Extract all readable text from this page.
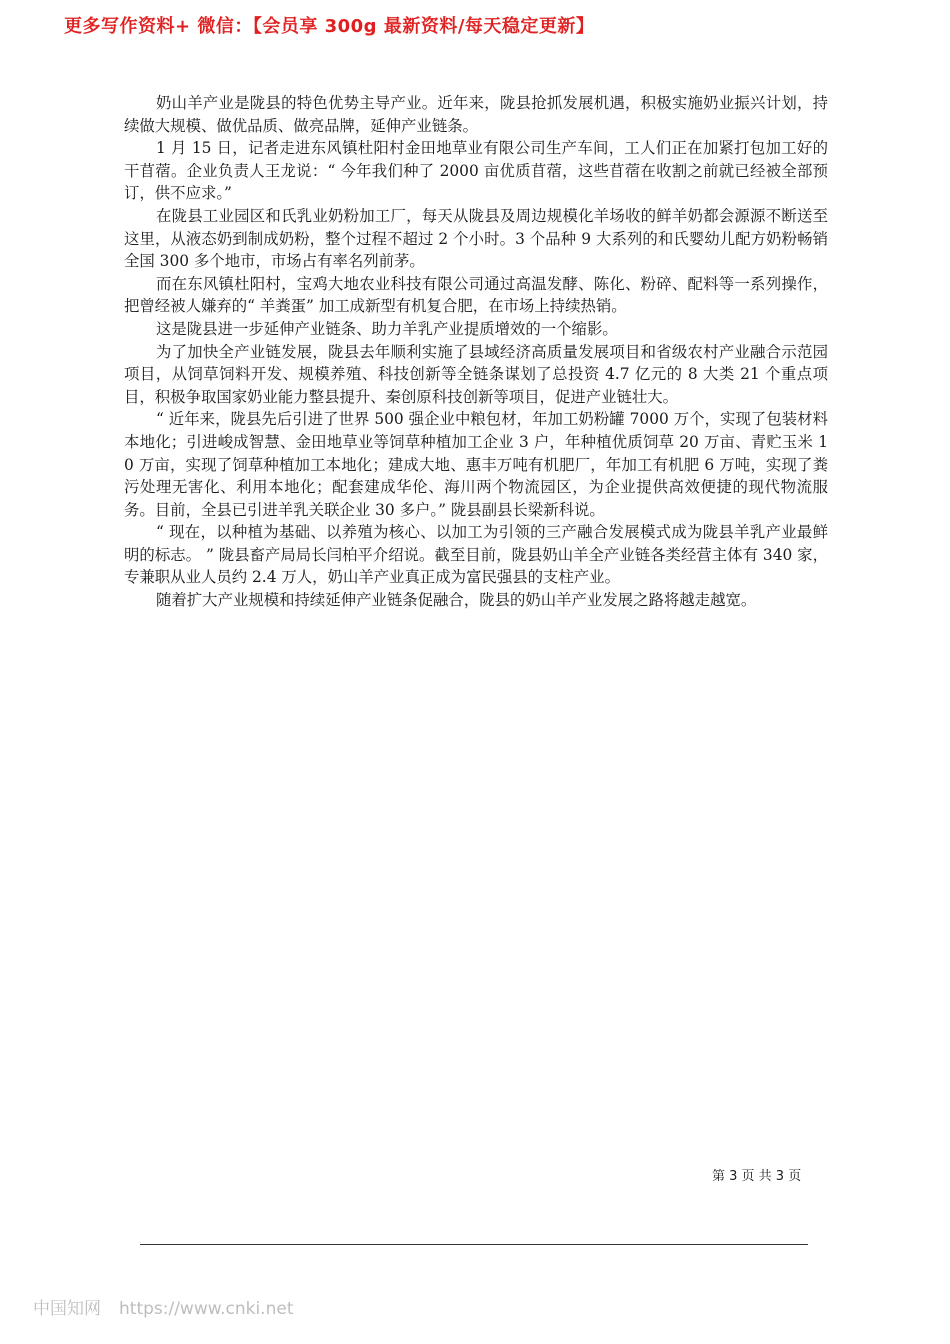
更多写作资料+ 微信：【会员享 300g 最新资料/每天稳定更新】

奶山羊产业是陇县的特色优势主导产业。近年来，陇县抢抓发展机遇，积极实施奶业振兴计划，持续做大规模、做优品质、做亮品牌，延伸产业链条。

1 月 15 日，记者走进东风镇杜阳村金田地草业有限公司生产车间，工人们正在加紧打包加工好的干苜蓿。企业负责人王龙说：“ 今年我们种了 2000 亩优质苜蓿，这些苜蓿在收割之前就已经被全部预订，供不应求。”

在陇县工业园区和氏乳业奶粉加工厂，每天从陇县及周边规模化羊场收的鲜羊奶都会源源不断送至这里，从液态奶到制成奶粉，整个过程不超过 2 个小时。3 个品种 9 大系列的和氏婴幼儿配方奶粉畅销全国 300 多个地市，市场占有率名列前茅。

而在东风镇杜阳村，宝鸡大地农业科技有限公司通过高温发酵、陈化、粉碎、配料等一系列操作，把曾经被人嫌弃的“ 羊粪蛋” 加工成新型有机复合肥，在市场上持续热销。

这是陇县进一步延伸产业链条、助力羊乳产业提质增效的一个缩影。

为了加快全产业链发展，陇县去年顺利实施了县域经济高质量发展项目和省级农村产业融合示范园项目，从饲草饲料开发、规模养殖、科技创新等全链条谋划了总投资 4.7 亿元的 8 大类 21 个重点项目，积极争取国家奶业能力整县提升、秦创原科技创新等项目，促进产业链壮大。

“ 近年来，陇县先后引进了世界 500 强企业中粮包材，年加工奶粉罐 7000 万个，实现了包装材料本地化；引进峻成智慧、金田地草业等饲草种植加工企业 3 户，年种植优质饲草 20 万亩、青贮玉米 10 万亩，实现了饲草种植加工本地化；建成大地、惠丰万吨有机肥厂，年加工有机肥 6 万吨，实现了粪污处理无害化、利用本地化；配套建成华伦、海川两个物流园区，为企业提供高效便捷的现代物流服务。目前，全县已引进羊乳关联企业 30 多户。” 陇县副县长梁新科说。

“ 现在，以种植为基础、以养殖为核心、以加工为引领的三产融合发展模式成为陇县羊乳产业最鲜明的标志。 ” 陇县畜产局局长闫柏平介绍说。截至目前，陇县奶山羊全产业链各类经营主体有 340 家，专兼职从业人员约 2.4 万人，奶山羊产业真正成为富民强县的支柱产业。

随着扩大产业规模和持续延伸产业链条促融合，陇县的奶山羊产业发展之路将越走越宽。

第 3 页 共 3 页
中国知网 https://www.cnki.net
